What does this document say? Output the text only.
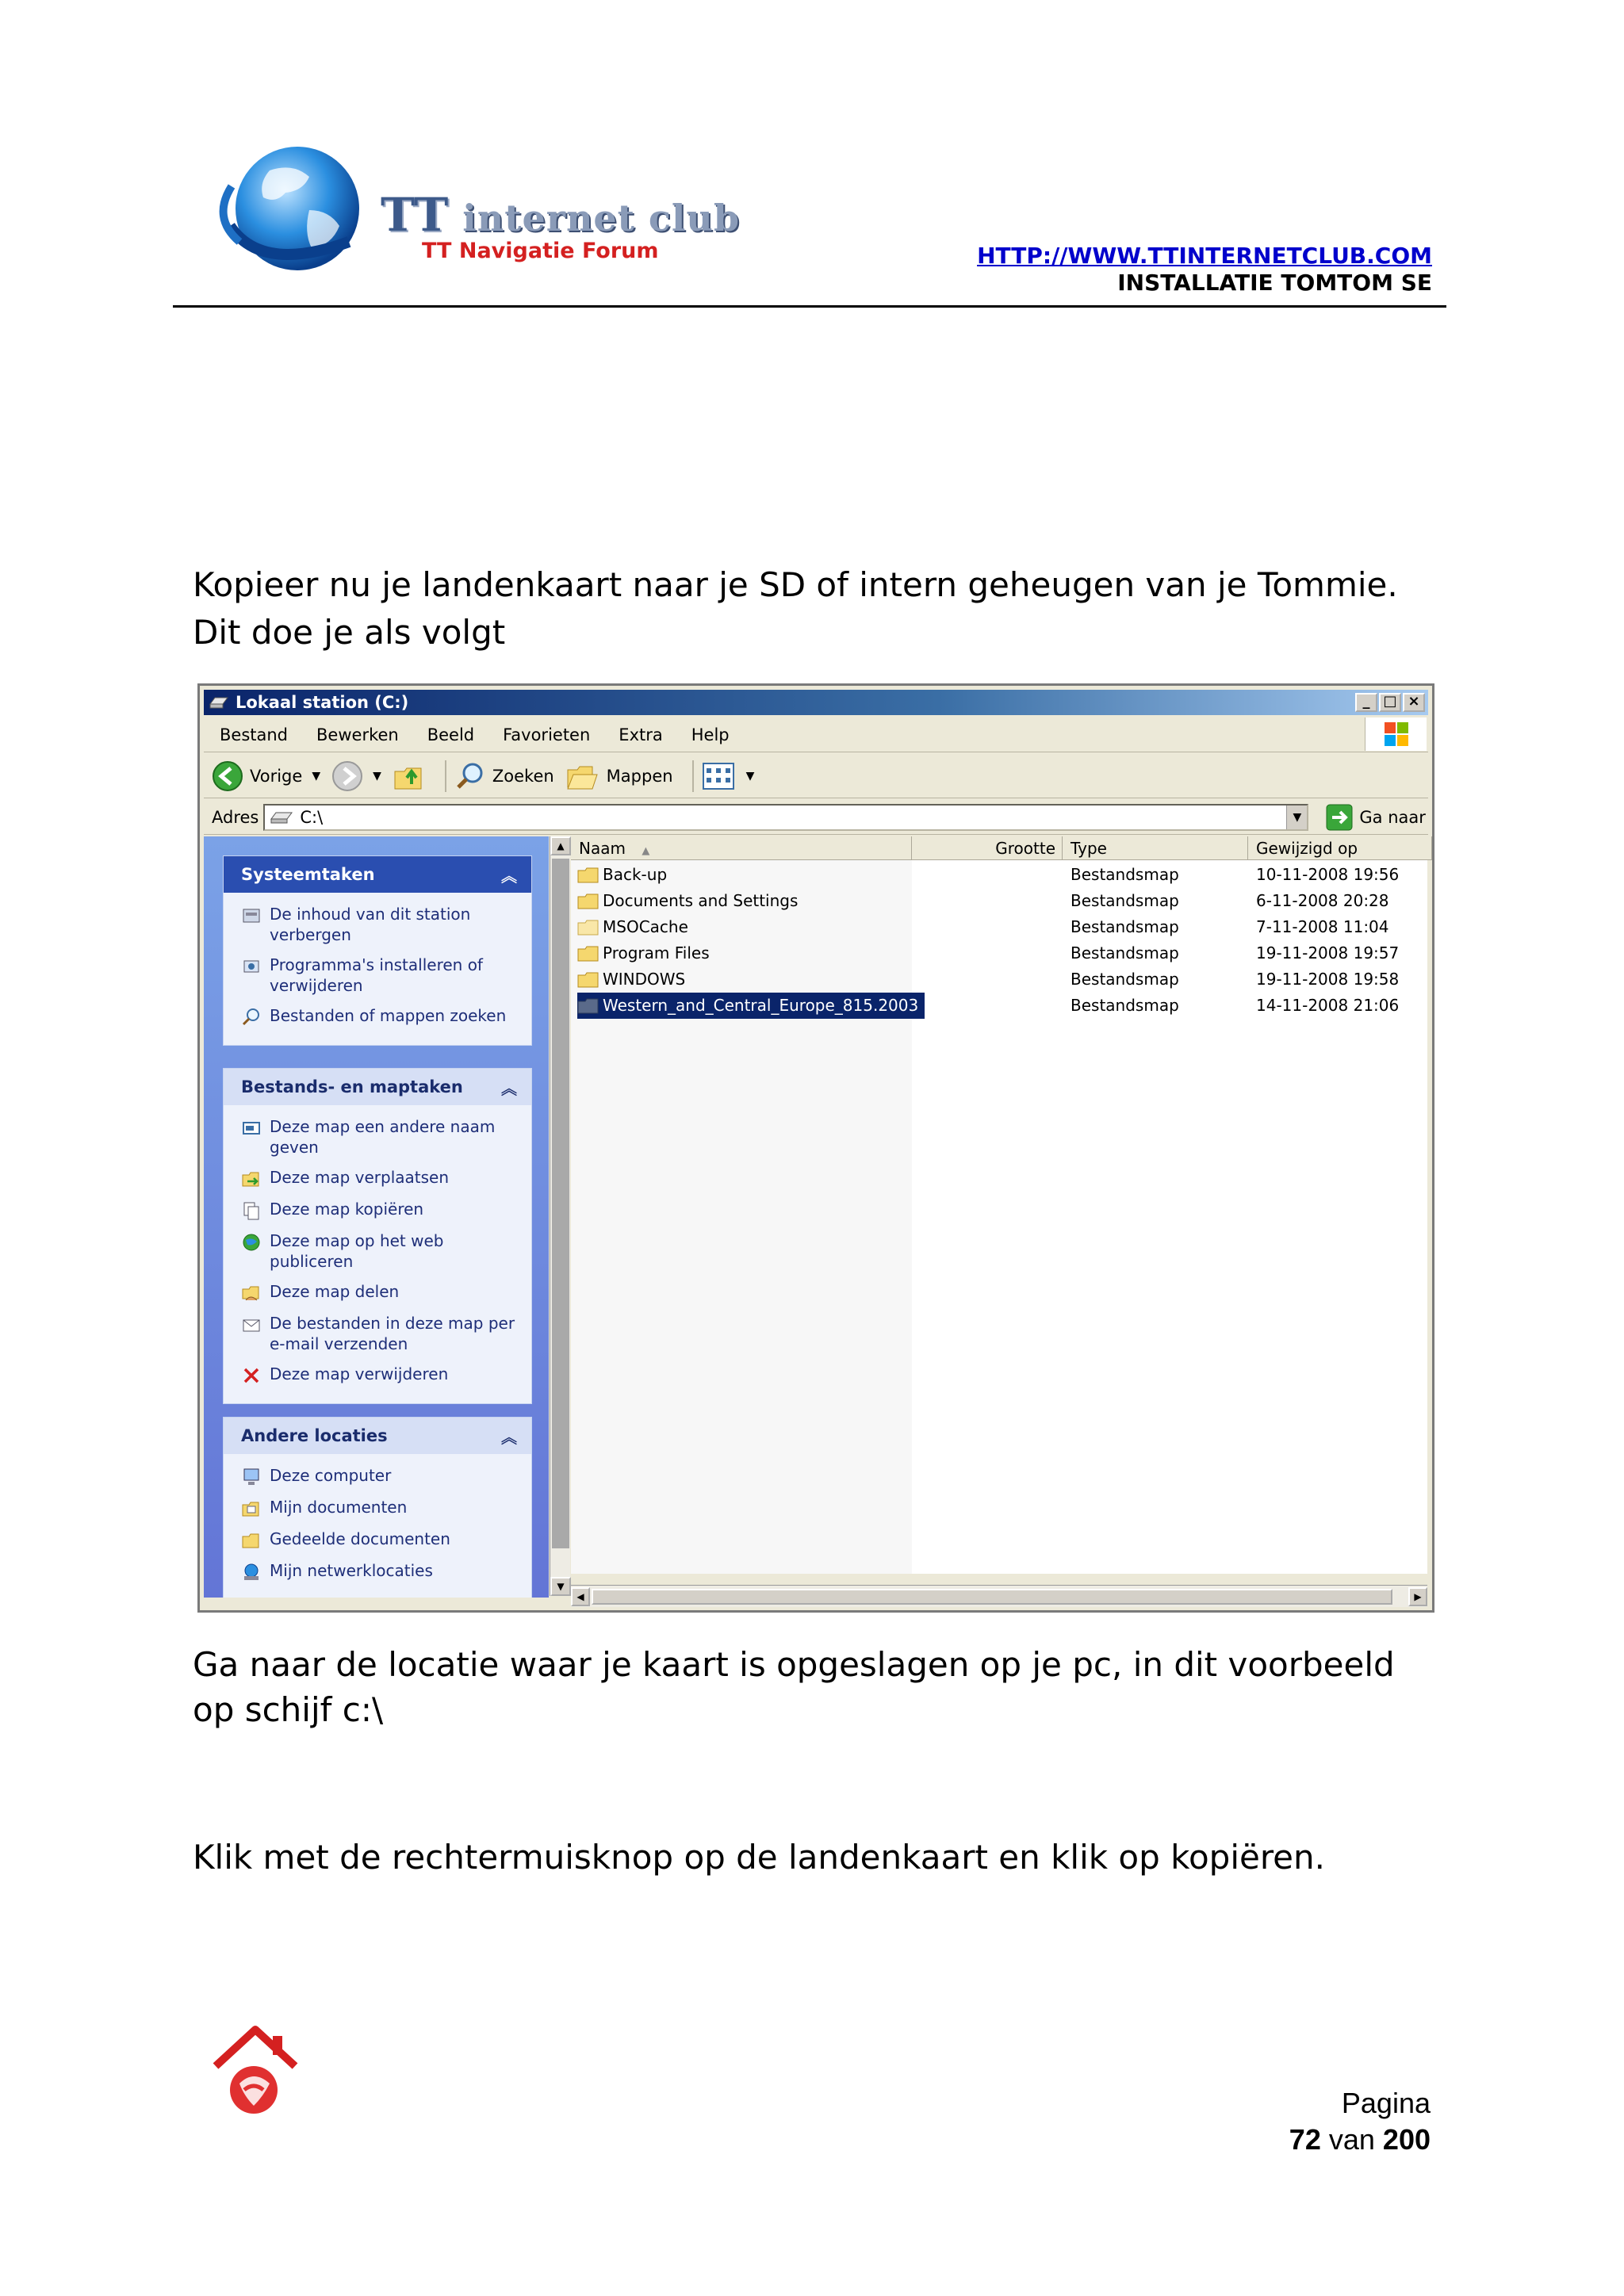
TT internet club
TT Navigatie Forum	HTTP://WWW.TTINTERNETCLUB.COM
INSTALLATIE TOMTOM SE
Kopieer nu je landenkaart naar je SD of intern geheugen van je Tommie.
Dit doe je als volgt
Lokaal station (C:)	_ □ ×
Bestand	Bewerken	Beeld	Favorieten	Extra	Help
Vorige ▼	▼	Zoeken	Mappen	▼
Adres C:\	▼	Ga naar
Systeemtaken	︽
De inhoud van dit station verbergen
Programma's installeren of verwijderen
Bestanden of mappen zoeken
Bestands- en maptaken ︽
Deze map een andere naam geven
Deze map verplaatsen
Deze map kopiëren
Deze map op het web publiceren
Deze map delen
De bestanden in deze map per e-mail verzenden
Deze map verwijderen
Andere locaties	︽
Deze computer
Mijn documenten
Gedeelde documenten
Mijn netwerklocaties
▲
▼
Naam ▲	Grootte Type	Gewijzigd op
Back-up	Bestandsmap	10-11-2008 19:56
Documents and Settings	Bestandsmap	6-11-2008 20:28
MSOCache	Bestandsmap	7-11-2008 11:04
Program Files	Bestandsmap	19-11-2008 19:57
WINDOWS	Bestandsmap	19-11-2008 19:58
Western_and_Central_Europe_815.2003	Bestandsmap	14-11-2008 21:06
◀	▶
Ga naar de locatie waar je kaart is opgeslagen op je pc, in dit voorbeeld
op schijf c:\
Klik met de rechtermuisknop op de landenkaart en klik op kopiëren.
Pagina
72 van 200
